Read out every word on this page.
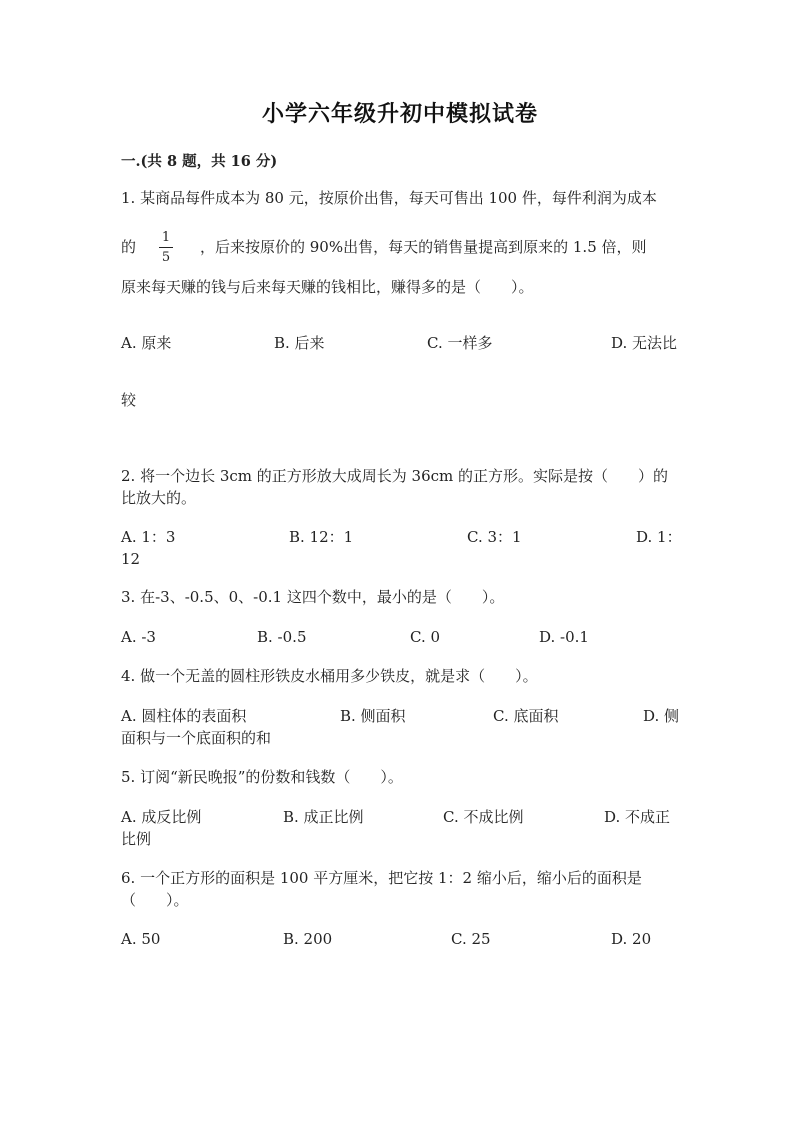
小学六年级升初中模拟试卷
一.(共 8 题，共 16 分)
1. 某商品每件成本为 80 元，按原价出售，每天可售出 100 件，每件利润为成本
的
1
5
，后来按原价的 90%出售，每天的销售量提高到原来的 1.5 倍，则
原来每天赚的钱与后来每天赚的钱相比，赚得多的是（　　）。
A. 原来	B. 后来	C. 一样多	D. 无法比
较
2. 将一个边长 3cm 的正方形放大成周长为 36cm 的正方形。实际是按（　　）的
比放大的。
A. 1：3	B. 12：1	C. 3：1	D. 1：
12
3. 在-3、-0.5、0、-0.1 这四个数中，最小的是（　　）。
A. -3	B. -0.5	C. 0	D. -0.1
4. 做一个无盖的圆柱形铁皮水桶用多少铁皮，就是求（　　）。
A. 圆柱体的表面积	B. 侧面积	C. 底面积	D. 侧
面积与一个底面积的和
5. 订阅“新民晚报”的份数和钱数（　　）。
A. 成反比例	B. 成正比例	C. 不成比例	D. 不成正
比例
6. 一个正方形的面积是 100 平方厘米，把它按 1：2 缩小后，缩小后的面积是
（　　）。
A. 50	B. 200	C. 25	D. 20
